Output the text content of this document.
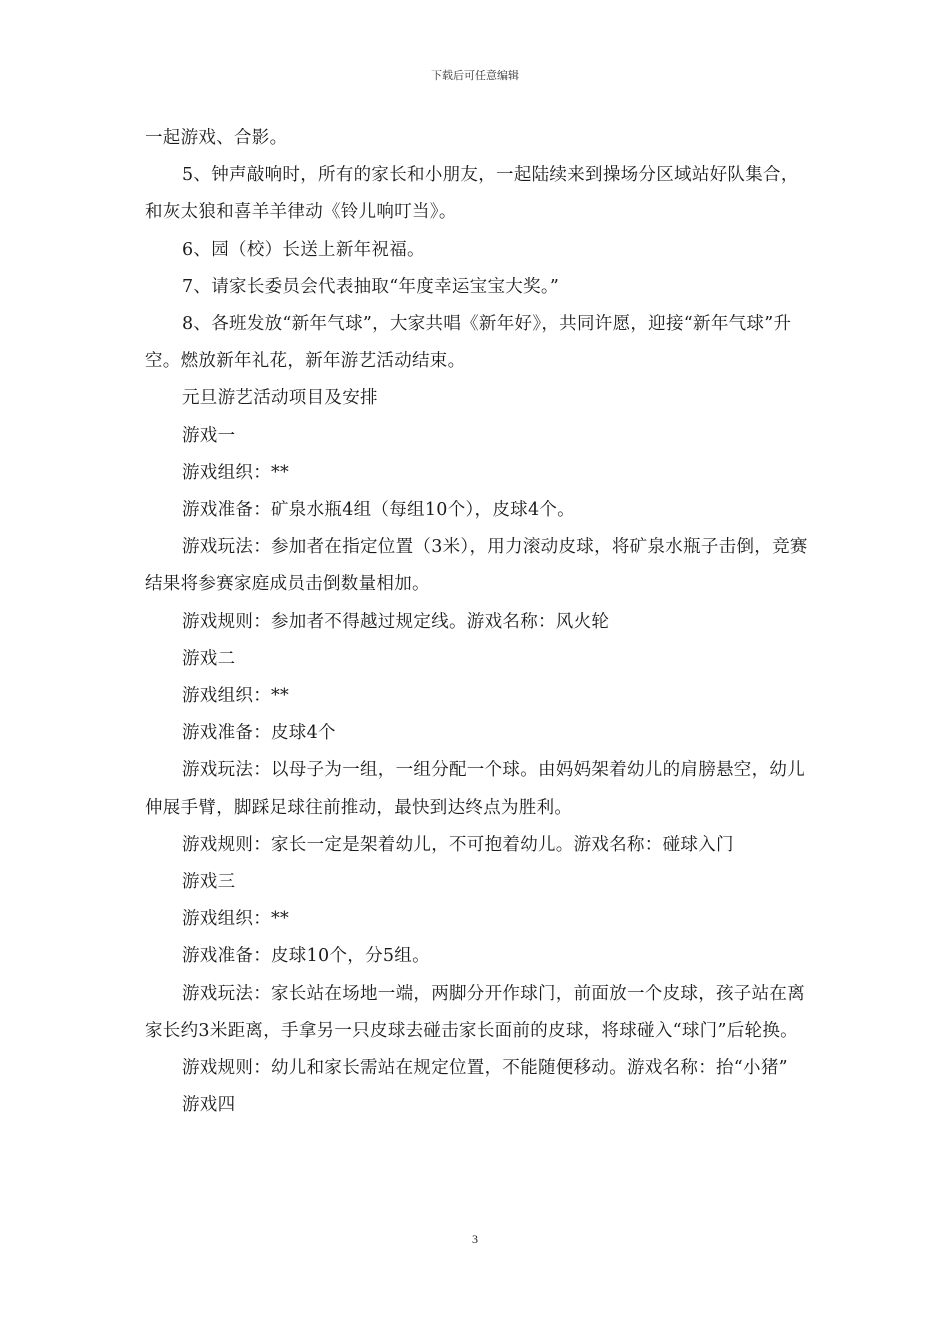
下载后可任意编辑

一起游戏、合影。

5、钟声敲响时，所有的家长和小朋友，一起陆续来到操场分区域站好队集合，和灰太狼和喜羊羊律动《铃儿响叮当》。

6、园（校）长送上新年祝福。

7、请家长委员会代表抽取“年度幸运宝宝大奖。”

8、各班发放“新年气球”，大家共唱《新年好》，共同许愿，迎接“新年气球”升空。燃放新年礼花，新年游艺活动结束。

元旦游艺活动项目及安排

游戏一

游戏组织：**

游戏准备：矿泉水瓶4组（每组10个），皮球4个。

游戏玩法：参加者在指定位置（3米），用力滚动皮球，将矿泉水瓶子击倒，竞赛结果将参赛家庭成员击倒数量相加。

游戏规则：参加者不得越过规定线。游戏名称：风火轮

游戏二

游戏组织：**

游戏准备：皮球4个

游戏玩法：以母子为一组，一组分配一个球。由妈妈架着幼儿的肩膀悬空，幼儿伸展手臂，脚踩足球往前推动，最快到达终点为胜利。

游戏规则：家长一定是架着幼儿，不可抱着幼儿。游戏名称：碰球入门

游戏三

游戏组织：**

游戏准备：皮球10个，分5组。

游戏玩法：家长站在场地一端，两脚分开作球门，前面放一个皮球，孩子站在离家长约3米距离，手拿另一只皮球去碰击家长面前的皮球，将球碰入“球门”后轮换。

游戏规则：幼儿和家长需站在规定位置，不能随便移动。游戏名称：抬“小猪”

游戏四

3
